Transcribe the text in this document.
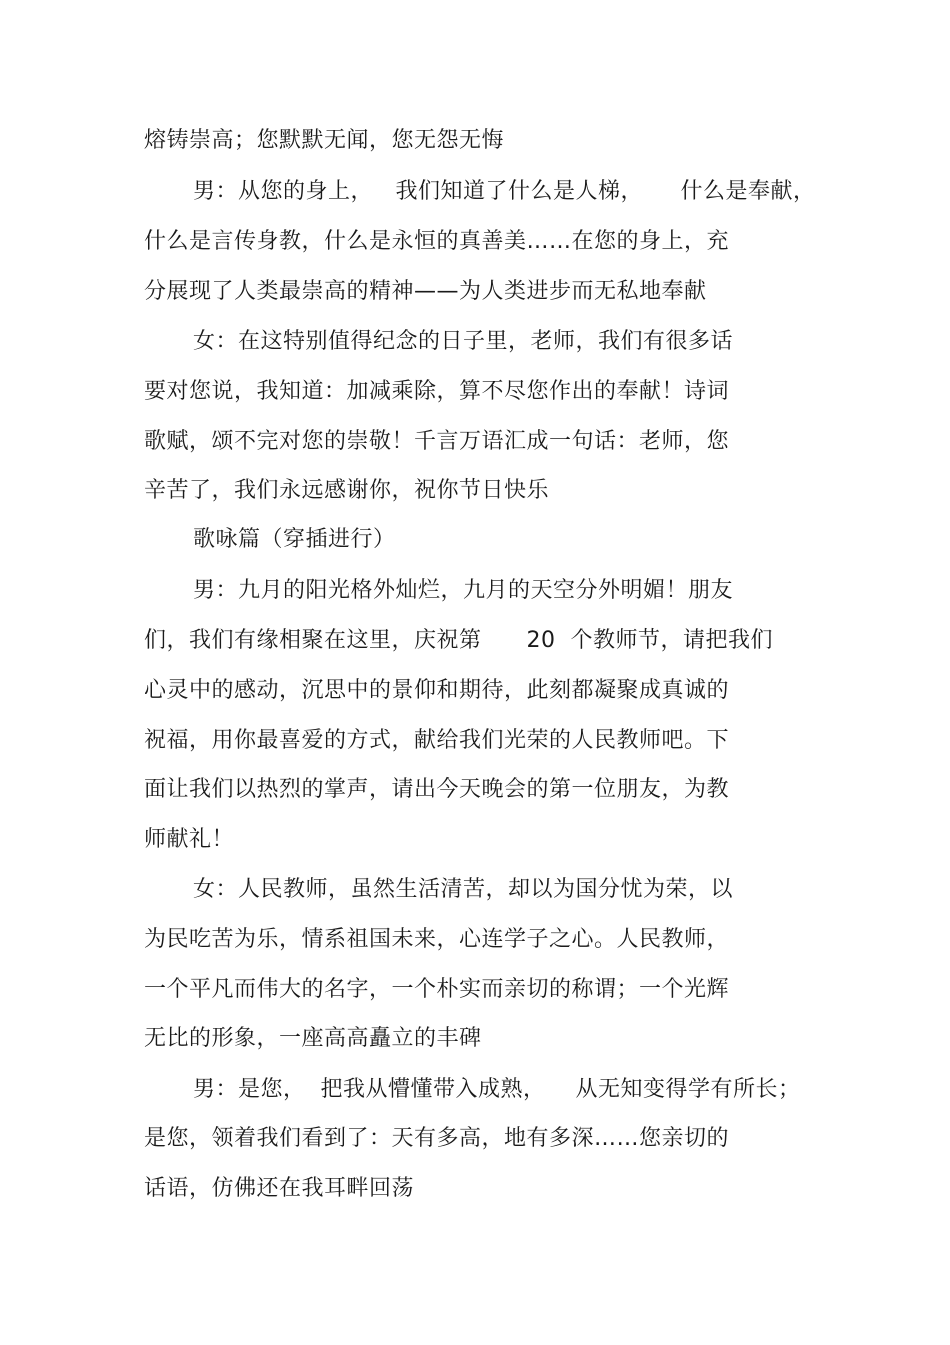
熔铸崇高；您默默无闻，您无怨无悔
男：从您的身上，   我们知道了什么是人梯，     什么是奉献，
什么是言传身教，什么是永恒的真善美……在您的身上，充
分展现了人类最崇高的精神——为人类进步而无私地奉献
女：在这特别值得纪念的日子里，老师，我们有很多话
要对您说，我知道：加减乘除，算不尽您作出的奉献！诗词
歌赋，颂不完对您的崇敬！千言万语汇成一句话：老师，您
辛苦了，我们永远感谢你，祝你节日快乐
歌咏篇（穿插进行）
男：九月的阳光格外灿烂，九月的天空分外明媚！朋友
们，我们有缘相聚在这里，庆祝第      20  个教师节，请把我们
心灵中的感动，沉思中的景仰和期待，此刻都凝聚成真诚的
祝福，用你最喜爱的方式，献给我们光荣的人民教师吧。下
面让我们以热烈的掌声，请出今天晚会的第一位朋友，为教
师献礼！
女：人民教师，虽然生活清苦，却以为国分忧为荣，以
为民吃苦为乐，情系祖国未来，心连学子之心。人民教师，
一个平凡而伟大的名字，一个朴实而亲切的称谓；一个光辉
无比的形象，一座高高矗立的丰碑
男：是您，  把我从懵懂带入成熟，    从无知变得学有所长；
是您，领着我们看到了：天有多高，地有多深……您亲切的
话语，仿佛还在我耳畔回荡
